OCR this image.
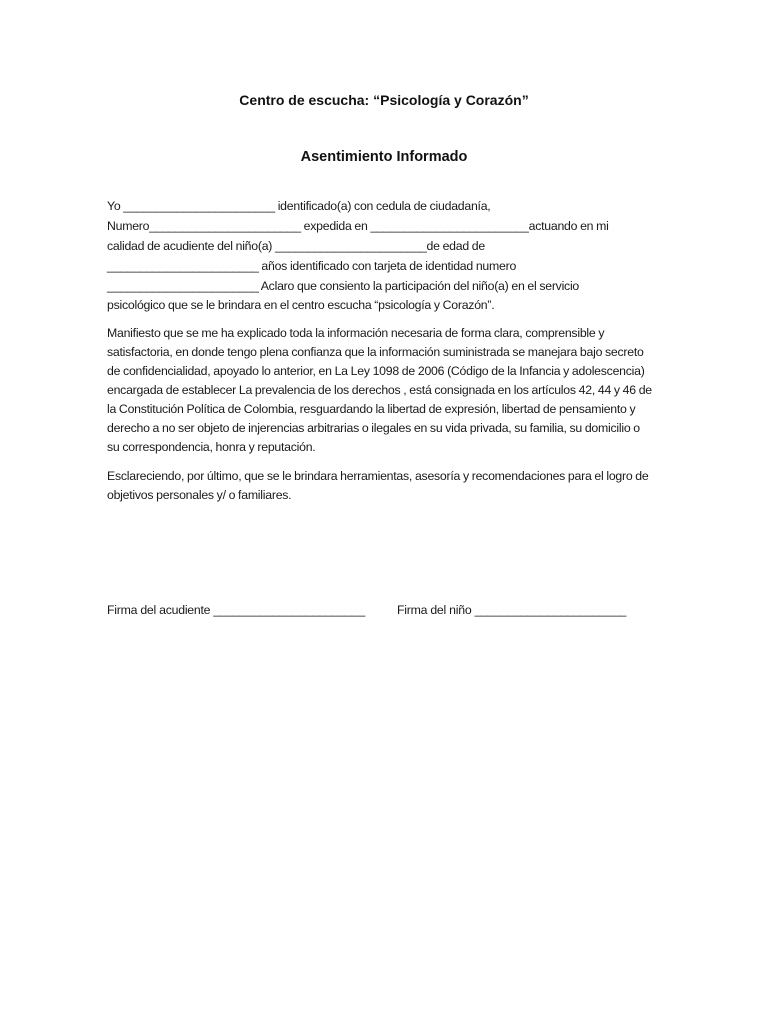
Centro de escucha: “Psicología y Corazón”
Asentimiento Informado
Yo _______________________ identificado(a) con cedula de ciudadanía,
Numero_______________________ expedida en ________________________actuando en mi
calidad de acudiente del niño(a) _______________________de edad de
_______________________ años identificado con tarjeta de identidad numero
_______________________ Aclaro que consiento la participación del niño(a) en el servicio
psicológico que se le brindara en el centro escucha “psicología y Corazón”.
Manifiesto que se me ha explicado toda la información necesaria de forma clara, comprensible y satisfactoria, en donde tengo plena confianza que la información suministrada se manejara bajo secreto de confidencialidad, apoyado lo anterior, en La Ley 1098 de 2006 (Código de la Infancia y adolescencia) encargada de establecer La prevalencia de los derechos , está consignada en los artículos 42, 44 y 46 de la Constitución Política de Colombia, resguardando la libertad de expresión, libertad de pensamiento y derecho a no ser objeto de injerencias arbitrarias o ilegales en su vida privada, su familia, su domicilio o su correspondencia, honra y reputación.
Esclareciendo, por último, que se le brindara herramientas, asesoría y recomendaciones para el logro de objetivos personales y/ o familiares.
Firma del acudiente _______________________	Firma del niño _______________________
